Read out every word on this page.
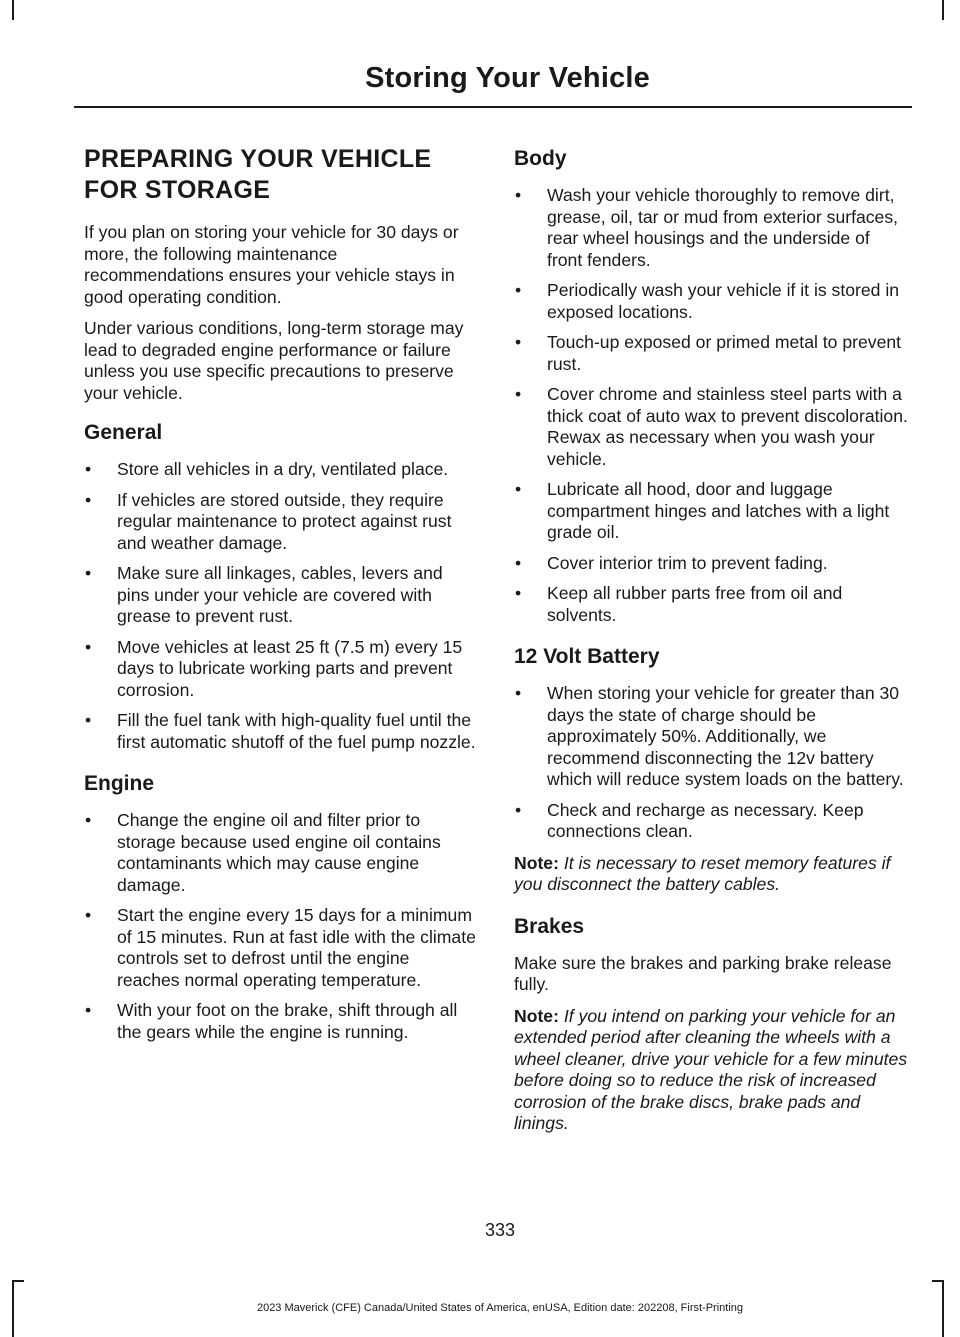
Storing Your Vehicle
PREPARING YOUR VEHICLE
FOR STORAGE

If you plan on storing your vehicle for 30 days or more, the following maintenance recommendations ensures your vehicle stays in good operating condition.

Under various conditions, long-term storage may lead to degraded engine performance or failure unless you use specific precautions to preserve your vehicle.

General
• Store all vehicles in a dry, ventilated place.
• If vehicles are stored outside, they require regular maintenance to protect against rust and weather damage.
• Make sure all linkages, cables, levers and pins under your vehicle are covered with grease to prevent rust.
• Move vehicles at least 25 ft (7.5 m) every 15 days to lubricate working parts and prevent corrosion.
• Fill the fuel tank with high-quality fuel until the first automatic shutoff of the fuel pump nozzle.
Engine
• Change the engine oil and filter prior to storage because used engine oil contains contaminants which may cause engine damage.
• Start the engine every 15 days for a minimum of 15 minutes. Run at fast idle with the climate controls set to defrost until the engine reaches normal operating temperature.
• With your foot on the brake, shift through all the gears while the engine is running.
Body
• Wash your vehicle thoroughly to remove dirt, grease, oil, tar or mud from exterior surfaces, rear wheel housings and the underside of front fenders.
• Periodically wash your vehicle if it is stored in exposed locations.
• Touch-up exposed or primed metal to prevent rust.
• Cover chrome and stainless steel parts with a thick coat of auto wax to prevent discoloration. Rewax as necessary when you wash your vehicle.
• Lubricate all hood, door and luggage compartment hinges and latches with a light grade oil.
• Cover interior trim to prevent fading.
• Keep all rubber parts free from oil and solvents.
12 Volt Battery
• When storing your vehicle for greater than 30 days the state of charge should be approximately 50%. Additionally, we recommend disconnecting the 12v battery which will reduce system loads on the battery.
• Check and recharge as necessary. Keep connections clean.

Note: It is necessary to reset memory features if you disconnect the battery cables.

Brakes

Make sure the brakes and parking brake release fully.

Note: If you intend on parking your vehicle for an extended period after cleaning the wheels with a wheel cleaner, drive your vehicle for a few minutes before doing so to reduce the risk of increased corrosion of the brake discs, brake pads and linings.

333
2023 Maverick (CFE) Canada/United States of America, enUSA, Edition date: 202208, First-Printing
